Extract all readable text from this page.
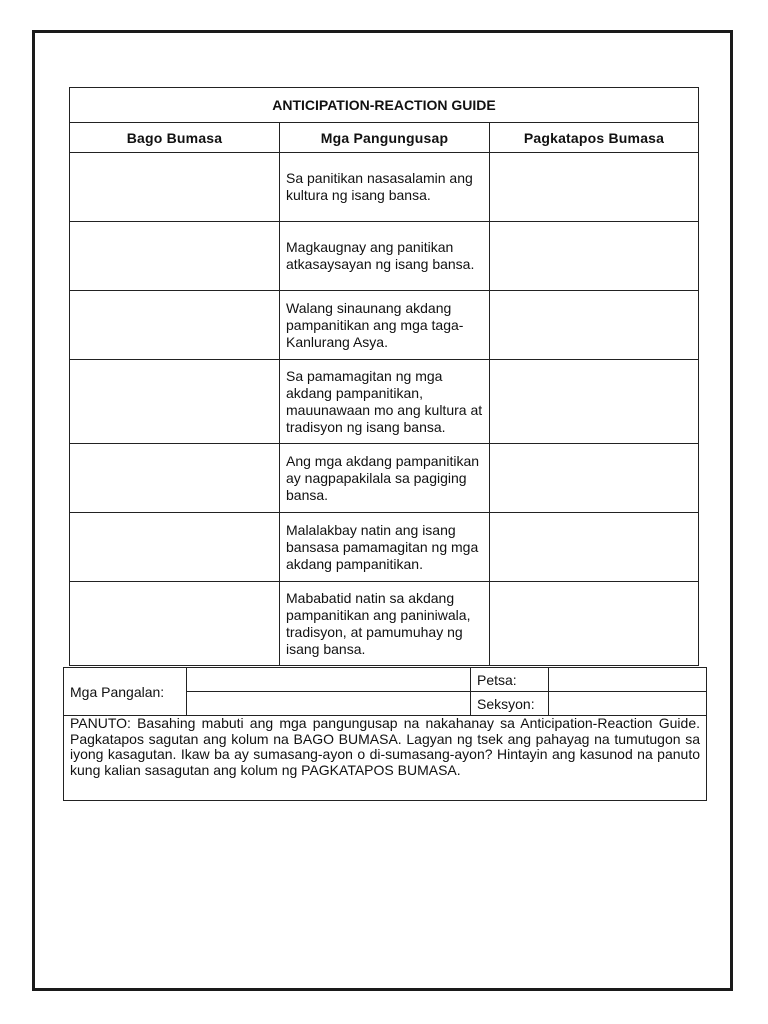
ANTICIPATION-REACTION GUIDE		
Bago Bumasa	Mga Pangungusap	Pagkatapos Bumasa
	Sa panitikan nasasalamin ang kultura ng isang bansa.	
	Magkaugnay ang panitikan atkasaysayan ng isang bansa.	
	Walang sinaunang akdang pampanitikan ang mga taga-Kanlurang Asya.	
	Sa pamamagitan ng mga akdang pampanitikan, mauunawaan mo ang kultura at tradisyon ng isang bansa.	
	Ang mga akdang pampanitikan ay nagpapakilala sa pagiging bansa.	
	Malalakbay natin ang isang bansasa pamamagitan ng mga akdang pampanitikan.	
	Mababatid natin sa akdang pampanitikan ang paniniwala, tradisyon, at pamumuhay ng isang bansa.	
Mga Pangalan:		Petsa:	
		Seksyon:	
PANUTO: Basahing mabuti ang mga pangungusap na nakahanay sa Anticipation-Reaction Guide. Pagkatapos sagutan ang kolum na BAGO BUMASA. Lagyan ng tsek ang pahayag na tumutugon sa iyong kasagutan. Ikaw ba ay sumasang-ayon o di-sumasang-ayon? Hintayin ang kasunod na panuto kung kalian sasagutan ang kolum ng PAGKATAPOS BUMASA.			
